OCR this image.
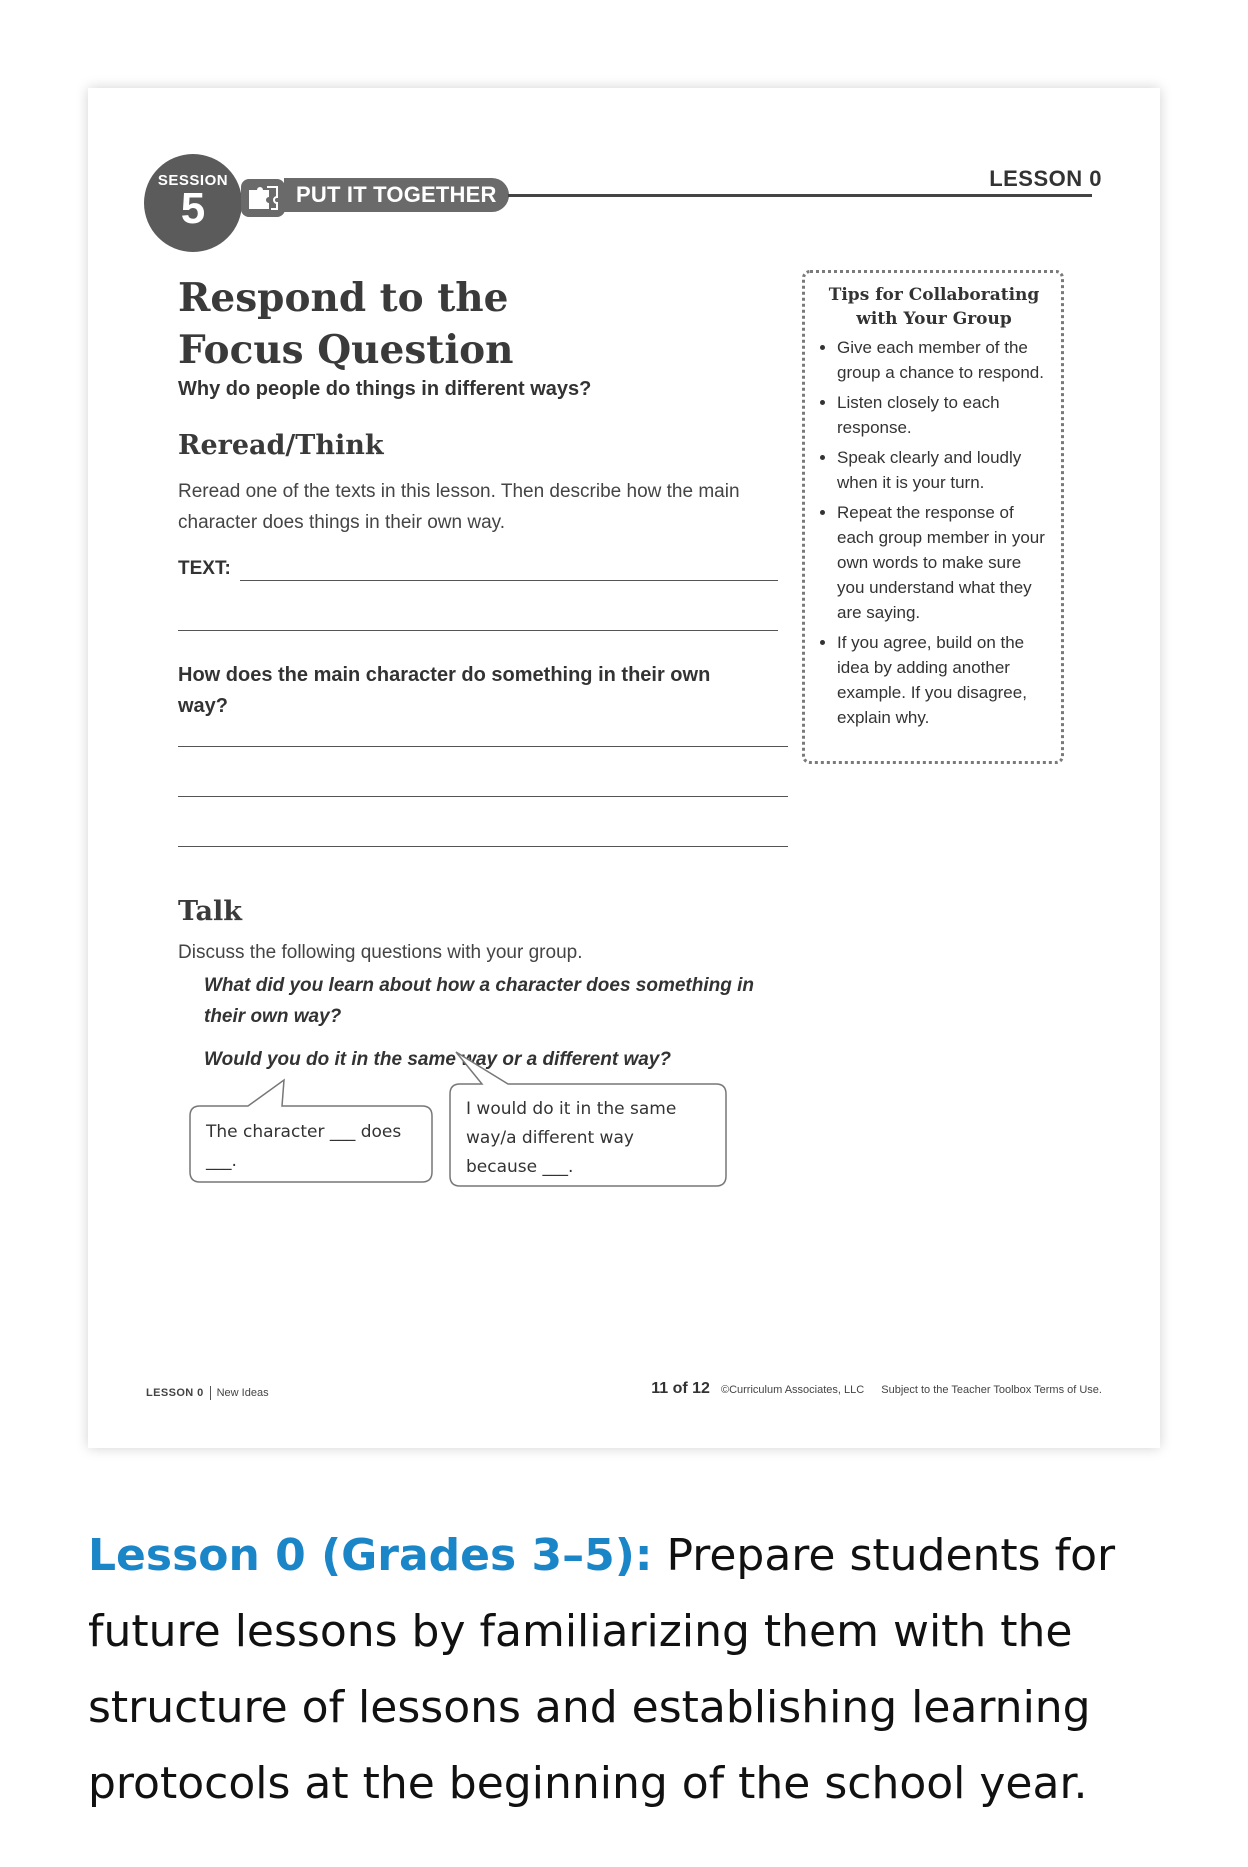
SESSION
5	PUT IT TOGETHER
LESSON 0
Respond to the
Focus Question
Why do people do things in different ways?
Reread/Think
Reread one of the texts in this lesson. Then describe how the main character does things in their own way.
TEXT:
How does the main character do something in their own way?
Talk
Discuss the following questions with your group.
What did you learn about how a character does something in their own way?
Would you do it in the same way or a different way?
The character ___ does ___.
I would do it in the same way/a different way because ___.
Tips for Collaborating with Your Group
• Give each member of the group a chance to respond.
• Listen closely to each response.
• Speak clearly and loudly when it is your turn.
• Repeat the response of each group member in your own words to make sure you understand what they are saying.
• If you agree, build on the idea by adding another example. If you disagree, explain why.
LESSON 0 New Ideas	11 of 12 ©Curriculum Associates, LLC Subject to the Teacher Toolbox Terms of Use.
Lesson 0 (Grades 3–5): Prepare students for future lessons by familiarizing them with the structure of lessons and establishing learning protocols at the beginning of the school year.
